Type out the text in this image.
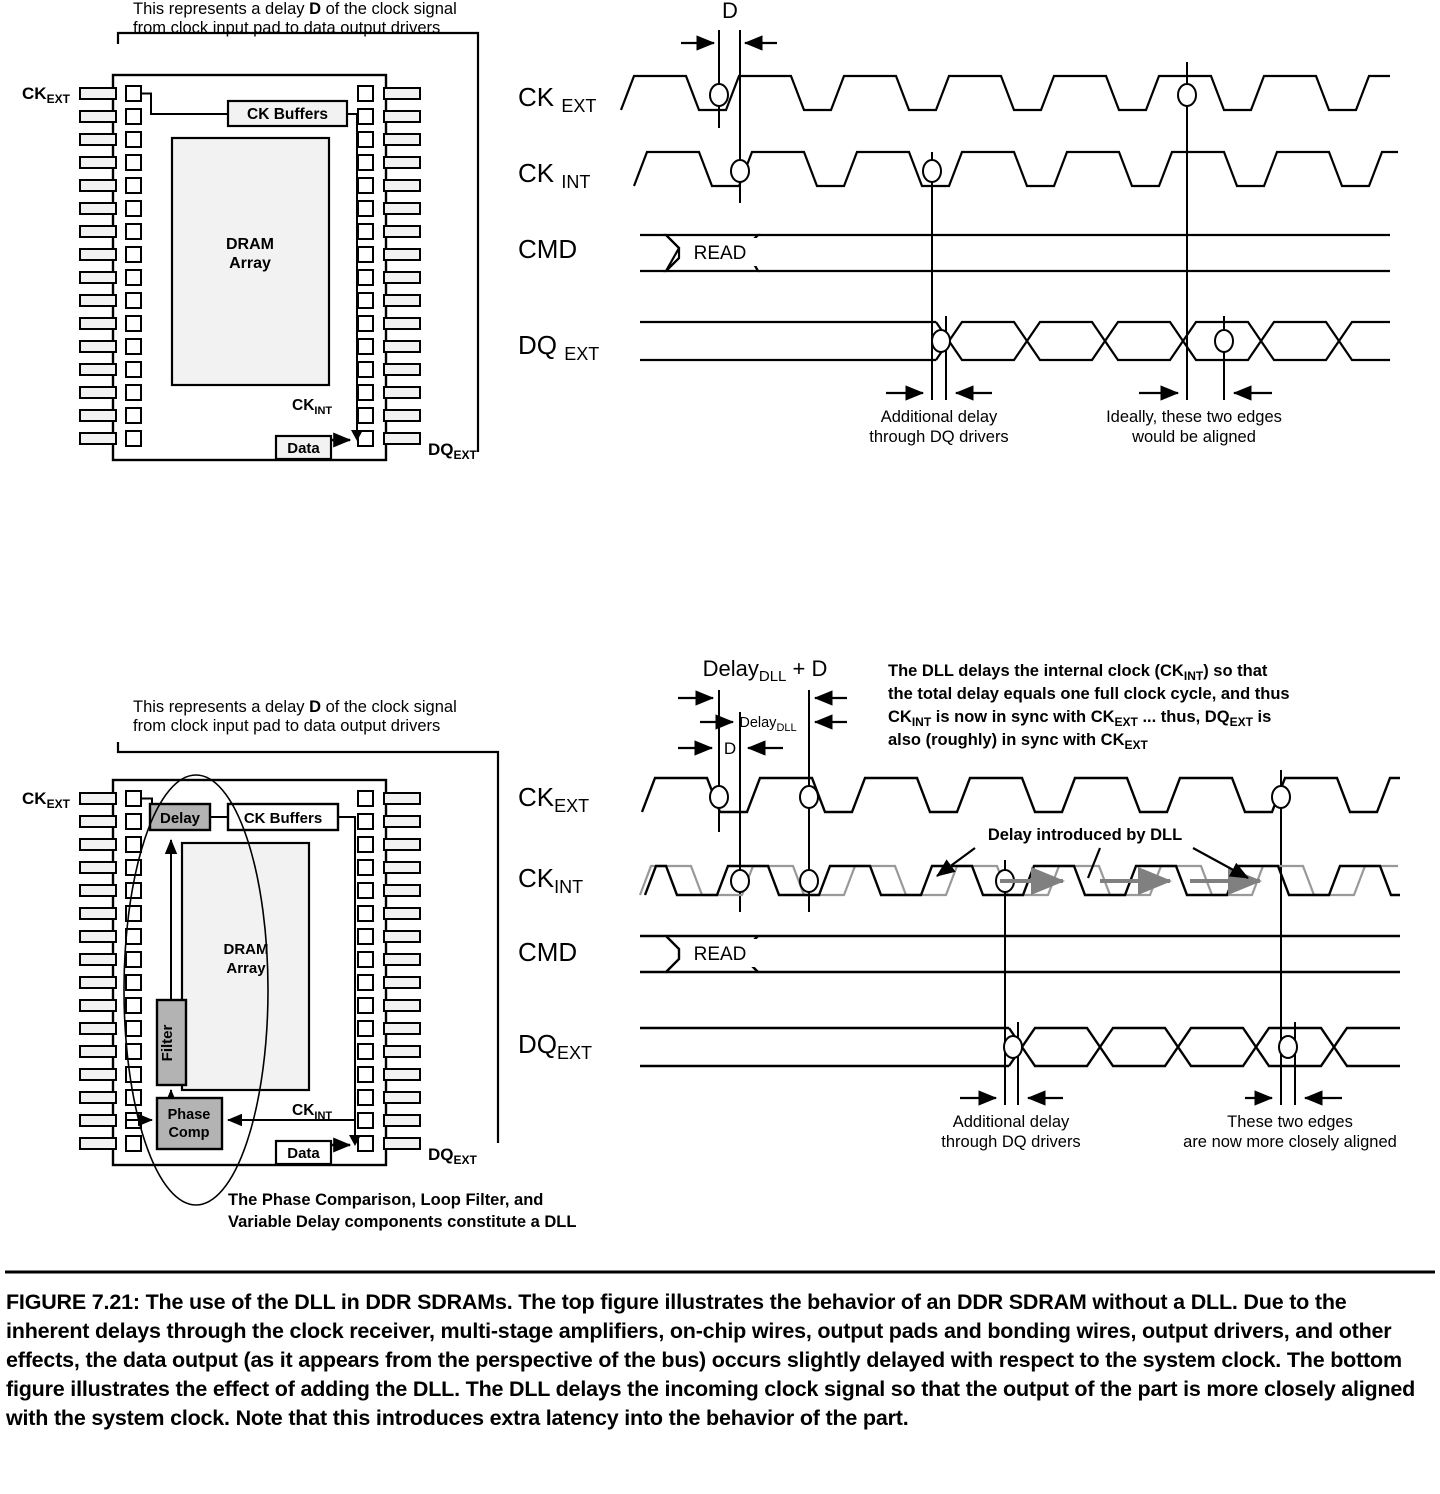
DRAM
Array
CK Buffers
Data
$CK_{EXT}$
$DQ_{EXT}$
$CK_{INT}$
This represents a delay D of the clock signal
from clock input pad to data output drivers
CK $_{EXT}$
CK $_{INT}$
CMD
DQ $_{EXT}$
D
READ
Additional delay
through DQ drivers
Ideally, these two edges
would be aligned
This represents a delay D of the clock signal
from clock input pad to data output drivers
DRAM
Array
Delay	CK Buffers
Filter
Phase
Comp
Data
$CK_{EXT}$
$DQ_{EXT}$
$CK_{INT}$
The Phase Comparison, Loop Filter, and
Variable Delay components constitute a DLL
$CK_{EXT}$
$CK_{INT}$
CMD
$DQ_{EXT}$
Delay$_{DLL}$ + D
Delay$_{DLL}$
D
The DLL delays the internal clock $(CK_{INT})$ so that
the total delay equals one full clock cycle, and thus
$CK_{INT}$ is now in sync with $CK_{EXT}$ ... thus, $DQ_{EXT}$ is
also (roughly) in sync with $CK_{EXT}$
Delay introduced by DLL
READ
Additional delay
through DQ drivers
These two edges
are now more closely aligned
FIGURE 7.21: The use of the DLL in DDR SDRAMs. The top figure illustrates the behavior of an DDR SDRAM without a DLL. Due to the inherent delays through the clock receiver, multi-stage amplifiers, on-chip wires, output pads and bonding wires, output drivers, and other effects, the data output (as it appears from the perspective of the bus) occurs slightly delayed with respect to the system clock. The bottom figure illustrates the effect of adding the DLL. The DLL delays the incoming clock signal so that the output of the part is more closely aligned with the system clock. Note that this introduces extra latency into the behavior of the part.
